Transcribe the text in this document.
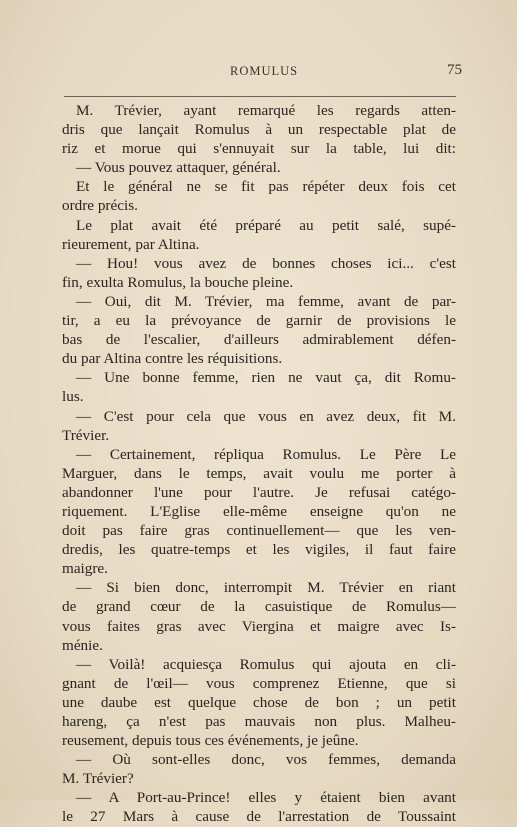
ROMULUS	75
M. Trévier, ayant remarqué les regards atten-
dris que lançait Romulus à un respectable plat de
riz et morue qui s'ennuyait sur la table, lui dit:
— Vous pouvez attaquer, général.
Et le général ne se fit pas répéter deux fois cet
ordre précis.
Le plat avait été préparé au petit salé, supé-
rieurement, par Altina.
— Hou! vous avez de bonnes choses ici... c'est
fin, exulta Romulus, la bouche pleine.
— Oui, dit M. Trévier, ma femme, avant de par-
tir, a eu la prévoyance de garnir de provisions le
bas de l'escalier, d'ailleurs admirablement défen-
du par Altina contre les réquisitions.
— Une bonne femme, rien ne vaut ça, dit Romu-
lus.
— C'est pour cela que vous en avez deux, fit M.
Trévier.
— Certainement, répliqua Romulus. Le Père Le
Marguer, dans le temps, avait voulu me porter à
abandonner l'une pour l'autre. Je refusai catégo-
riquement. L'Eglise elle-même enseigne qu'on ne
doit pas faire gras continuellement— que les ven-
dredis, les quatre-temps et les vigiles, il faut faire
maigre.
— Si bien donc, interrompit M. Trévier en riant
de grand cœur de la casuistique de Romulus—
vous faites gras avec Viergina et maigre avec Is-
ménie.
— Voilà! acquiesça Romulus qui ajouta en cli-
gnant de l'œil— vous comprenez Etienne, que si
une daube est quelque chose de bon ; un petit
hareng, ça n'est pas mauvais non plus. Malheu-
reusement, depuis tous ces événements, je jeûne.
— Où sont-elles donc, vos femmes, demanda
M. Trévier?
— A Port-au-Prince! elles y étaient bien avant
le 27 Mars à cause de l'arrestation de Toussaint
